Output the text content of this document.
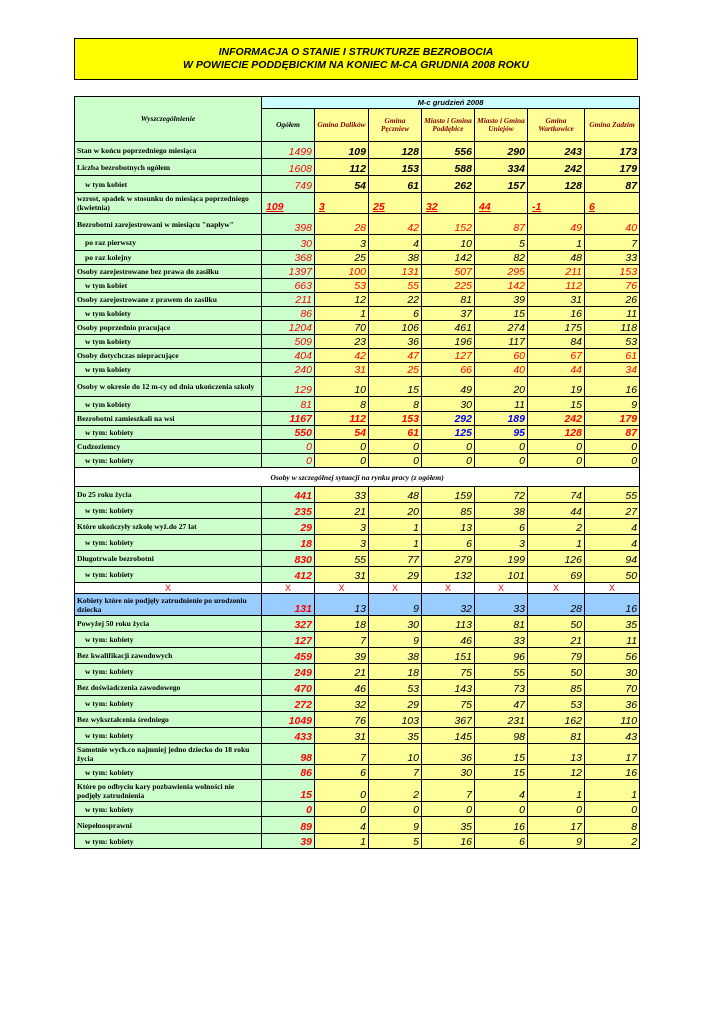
INFORMACJA O STANIE I STRUKTURZE BEZROBOCIA
W POWIECIE PODDĘBICKIM NA KONIEC M-CA GRUDNIA 2008 ROKU
Wyszczególnienie	M-c grudzień 2008						
	Ogółem	Gmina Dalików	Gmina Pęczniew	Miasto i Gmina Poddębice	Miasto i Gmina Uniejów	Gmina Wartkowice	Gmina Zadzim
Stan w końcu poprzedniego miesiąca	1499	109	128	556	290	243	173
Liczba bezrobotnych ogółem	1608	112	153	588	334	242	179
w tym kobiet	749	54	61	262	157	128	87
wzrost, spadek w stosunku do miesiąca poprzedniego (kwietnia)	109	3	25	32	44	-1	6
Bezrobotni zarejestrowani w miesiącu "napływ"	398	28	42	152	87	49	40
po raz pierwszy	30	3	4	10	5	1	7
po raz kolejny	368	25	38	142	82	48	33
Osoby zarejestrowane bez prawa do zasiłku	1397	100	131	507	295	211	153
w tym kobiet	663	53	55	225	142	112	76
Osoby zarejestrowane z prawem do zasiłku	211	12	22	81	39	31	26
w tym kobiety	86	1	6	37	15	16	11
Osoby poprzednio pracujące	1204	70	106	461	274	175	118
w tym kobiety	509	23	36	196	117	84	53
Osoby dotychczas niepracujące	404	42	47	127	60	67	61
w tym kobiety	240	31	25	66	40	44	34
Osoby w okresie do 12 m-cy od dnia ukończenia szkoły	129	10	15	49	20	19	16
w tym kobiety	81	8	8	30	11	15	9
Bezrobotni zamieszkali na wsi	1167	112	153	292	189	242	179
w tym: kobiety	550	54	61	125	95	128	87
Cudzoziemcy	0	0	0	0	0	0	0
w tym: kobiety	0	0	0	0	0	0	0
Osoby w szczególnej sytuacji na rynku pracy (z ogółem)							
Do 25 roku życia	441	33	48	159	72	74	55
w tym: kobiety	235	21	20	85	38	44	27
Które ukończyły szkołę wyż.do 27 lat	29	3	1	13	6	2	4
w tym: kobiety	18	3	1	6	3	1	4
Długotrwale bezrobotni	830	55	77	279	199	126	94
w tym: kobiety	412	31	29	132	101	69	50
X	X	X	X	X	X	X	X
Kobiety które nie podjęły zatrudnienie po urodzeniu dziecka	131	13	9	32	33	28	16
Powyżej 50 roku życia	327	18	30	113	81	50	35
w tym: kobiety	127	7	9	46	33	21	11
Bez kwalifikacji zawodowych	459	39	38	151	96	79	56
w tym: kobiety	249	21	18	75	55	50	30
Bez doświadczenia zawodowego	470	46	53	143	73	85	70
w tym: kobiety	272	32	29	75	47	53	36
Bez wykształcenia średniego	1049	76	103	367	231	162	110
w tym: kobiety	433	31	35	145	98	81	43
Samotnie wych.co najmniej jedno dziecko do 18 roku życia	98	7	10	36	15	13	17
w tym: kobiety	86	6	7	30	15	12	16
Które po odbyciu kary pozbawienia wolności nie podjęły zatrudnienia	15	0	2	7	4	1	1
w tym: kobiety	0	0	0	0	0	0	0
Niepełnosprawni	89	4	9	35	16	17	8
w tym: kobiety	39	1	5	16	6	9	2
